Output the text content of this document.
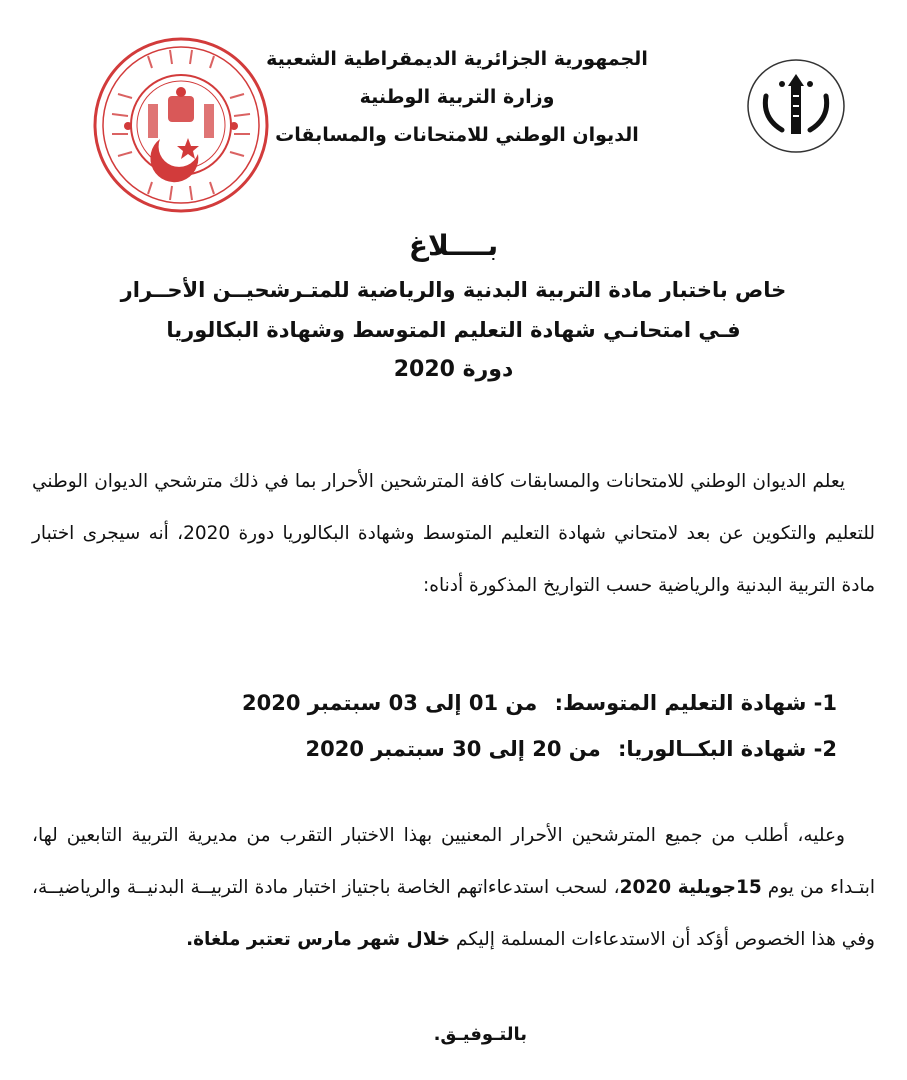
الجمهورية الجزائرية الديمقراطية الشعبية
وزارة التربية الوطنية
الديوان الوطني للامتحانات والمسابقات
بــــلاغ
خاص باختبار مادة التربية البدنية والرياضية للمتـرشحيــن الأحــرار
فـي امتحانـي شهادة التعليم المتوسط وشهادة البكالوريا
دورة 2020
يعلم الديوان الوطني للامتحانات والمسابقات كافة المترشحين الأحرار بما في ذلك مترشحي الديوان الوطني للتعليم والتكوين عن بعد لامتحاني شهادة التعليم المتوسط وشهادة البكالوريا دورة 2020، أنه سيجرى اختبار مادة التربية البدنية والرياضية حسب التواريخ المذكورة أدناه:
1- شهادة التعليم المتوسط: من 01 إلى 03 سبتمبر 2020
2- شهادة البكــالوريا: من 20 إلى 30 سبتمبر 2020
وعليه، أطلب من جميع المترشحين الأحرار المعنيين بهذا الاختبار التقرب من مديرية التربية التابعين لها، ابتـداء من يوم 15جويلية 2020، لسحب استدعاءاتهم الخاصة باجتياز اختبار مادة التربيــة البدنيــة والرياضيــة، وفي هذا الخصوص أؤكد أن الاستدعاءات المسلمة إليكم خلال شهر مارس تعتبر ملغاة.
بالتـوفيـق.
